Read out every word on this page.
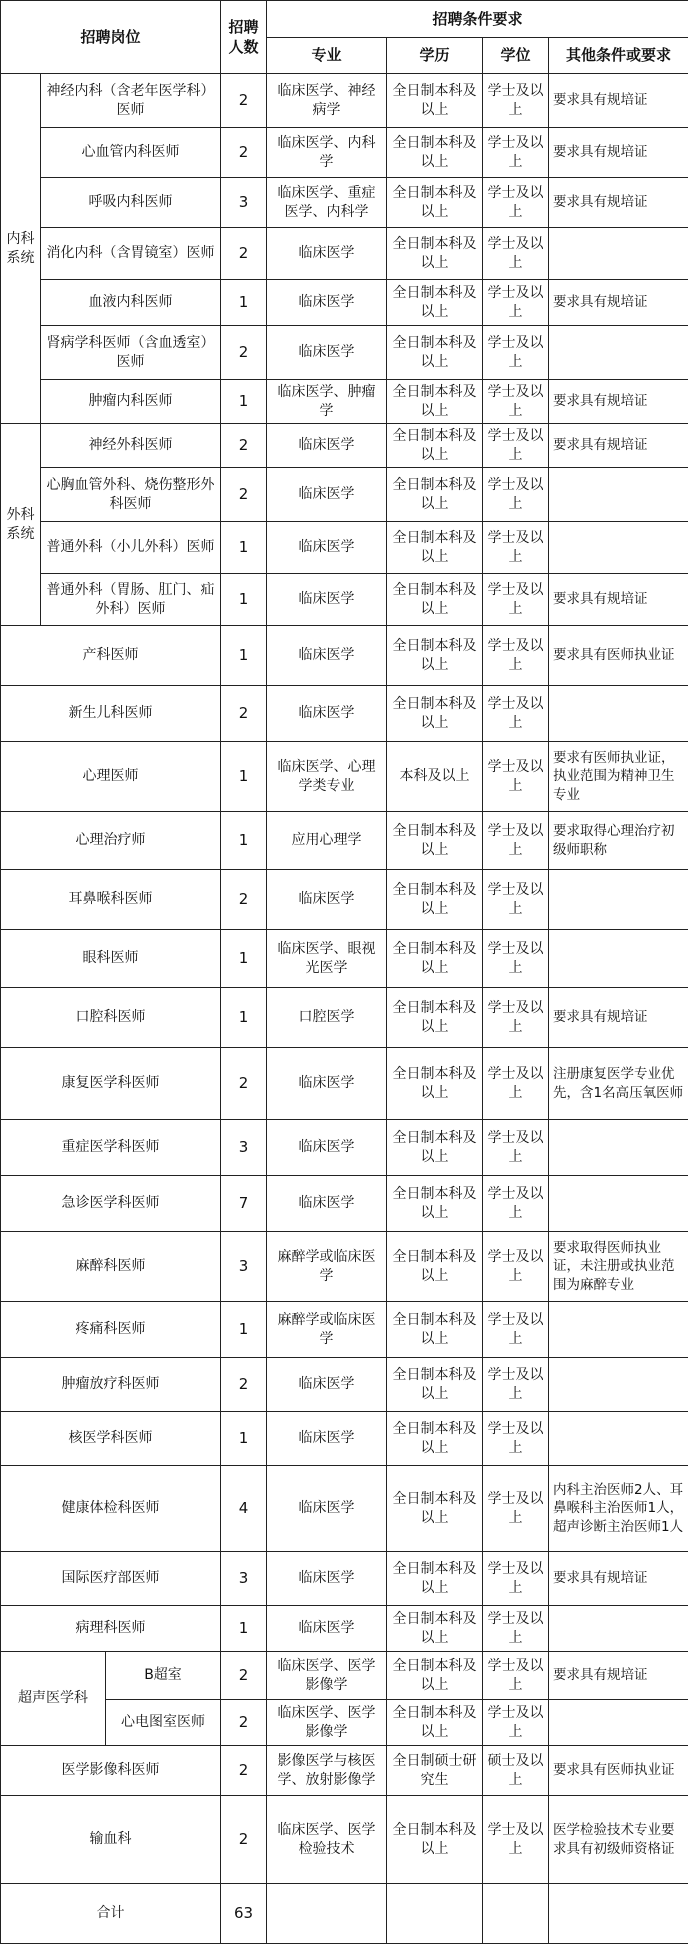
招聘岗位			招聘人数	招聘条件要求			
				专业	学历	学位	其他条件或要求
内科系统	神经内科（含老年医学科）医师		2	临床医学、神经病学	全日制本科及以上	学士及以上	要求具有规培证
	心血管内科医师		2	临床医学、内科学	全日制本科及以上	学士及以上	要求具有规培证
	呼吸内科医师		3	临床医学、重症医学、内科学	全日制本科及以上	学士及以上	要求具有规培证
	消化内科（含胃镜室）医师		2	临床医学	全日制本科及以上	学士及以上	
	血液内科医师		1	临床医学	全日制本科及以上	学士及以上	要求具有规培证
	肾病学科医师（含血透室）医师		2	临床医学	全日制本科及以上	学士及以上	
	肿瘤内科医师		1	临床医学、肿瘤学	全日制本科及以上	学士及以上	要求具有规培证
外科系统	神经外科医师		2	临床医学	全日制本科及以上	学士及以上	要求具有规培证
	心胸血管外科、烧伤整形外科医师		2	临床医学	全日制本科及以上	学士及以上	
	普通外科（小儿外科）医师		1	临床医学	全日制本科及以上	学士及以上	
	普通外科（胃肠、肛门、疝外科）医师		1	临床医学	全日制本科及以上	学士及以上	要求具有规培证
产科医师			1	临床医学	全日制本科及以上	学士及以上	要求具有医师执业证
新生儿科医师			2	临床医学	全日制本科及以上	学士及以上	
心理医师			1	临床医学、心理学类专业	本科及以上	学士及以上	要求有医师执业证，执业范围为精神卫生专业
心理治疗师			1	应用心理学	全日制本科及以上	学士及以上	要求取得心理治疗初级师职称
耳鼻喉科医师			2	临床医学	全日制本科及以上	学士及以上	
眼科医师			1	临床医学、眼视光医学	全日制本科及以上	学士及以上	
口腔科医师			1	口腔医学	全日制本科及以上	学士及以上	要求具有规培证
康复医学科医师			2	临床医学	全日制本科及以上	学士及以上	注册康复医学专业优先，含1名高压氧医师
重症医学科医师			3	临床医学	全日制本科及以上	学士及以上	
急诊医学科医师			7	临床医学	全日制本科及以上	学士及以上	
麻醉科医师			3	麻醉学或临床医学	全日制本科及以上	学士及以上	要求取得医师执业证，未注册或执业范围为麻醉专业
疼痛科医师			1	麻醉学或临床医学	全日制本科及以上	学士及以上	
肿瘤放疗科医师			2	临床医学	全日制本科及以上	学士及以上	
核医学科医师			1	临床医学	全日制本科及以上	学士及以上	
健康体检科医师			4	临床医学	全日制本科及以上	学士及以上	内科主治医师2人、耳鼻喉科主治医师1人，超声诊断主治医师1人
国际医疗部医师			3	临床医学	全日制本科及以上	学士及以上	要求具有规培证
病理科医师			1	临床医学	全日制本科及以上	学士及以上	
超声医学科		B超室	2	临床医学、医学影像学	全日制本科及以上	学士及以上	要求具有规培证
		心电图室医师	2	临床医学、医学影像学	全日制本科及以上	学士及以上	
医学影像科医师			2	影像医学与核医学、放射影像学	全日制硕士研究生	硕士及以上	要求具有医师执业证
输血科			2	临床医学、医学检验技术	全日制本科及以上	学士及以上	医学检验技术专业要求具有初级师资格证
合计			63				
